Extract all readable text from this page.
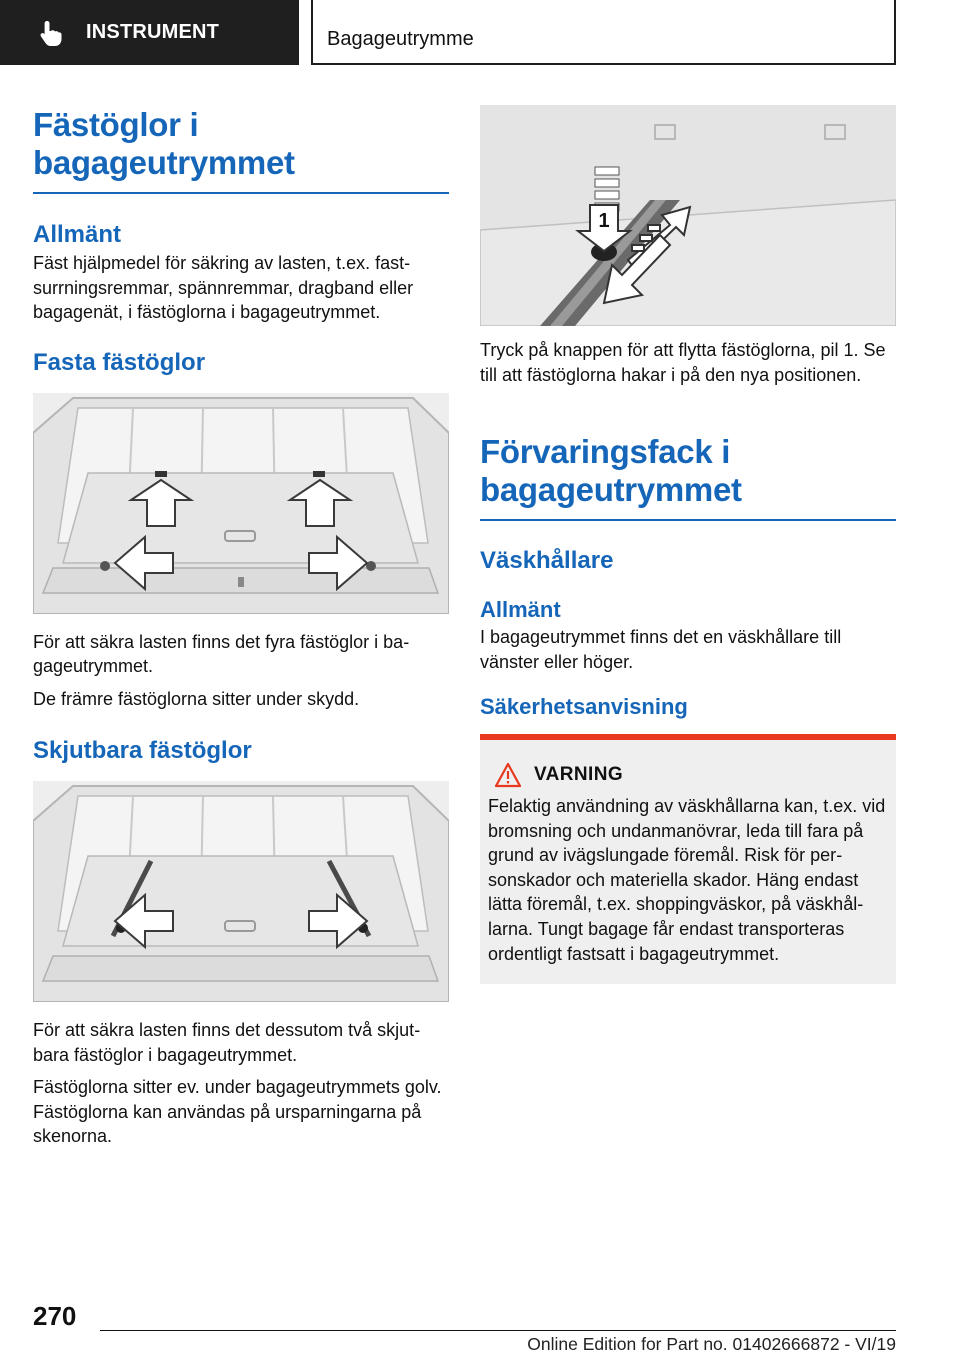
INSTRUMENT	Bagageutrymme
Fästöglor i bagageutrymmet
Allmänt

Fäst hjälpmedel för säkring av lasten, t.ex. fastsurrningsremmar, spännremmar, dragband eller bagagenät, i fästöglorna i bagageutrymmet.

Fasta fästöglor

För att säkra lasten finns det fyra fästöglor i bagageutrymmet.

De främre fästöglorna sitter under skydd.

Skjutbara fästöglor

För att säkra lasten finns det dessutom två skjutbara fästöglor i bagageutrymmet.

Fästöglorna sitter ev. under bagageutrymmets golv. Fästöglorna kan användas på ursparningarna på skenorna.

1

Tryck på knappen för att flytta fästöglorna, pil 1. Se till att fästöglorna hakar i på den nya positionen.

Förvaringsfack i bagageutrymmet
Väskhållare
Allmänt

I bagageutrymmet finns det en väskhållare till vänster eller höger.

Säkerhetsanvisning
VARNING

Felaktig användning av väskhållarna kan, t.ex. vid bromsning och undanmanövrar, leda till fara på grund av ivägslungade föremål. Risk för personskador och materiella skador. Häng endast lätta föremål, t.ex. shoppingväskor, på väskhållarna. Tungt bagage får endast transporteras ordentligt fastsatt i bagageutrymmet.

270
Online Edition for Part no. 01402666872 - VI/19
